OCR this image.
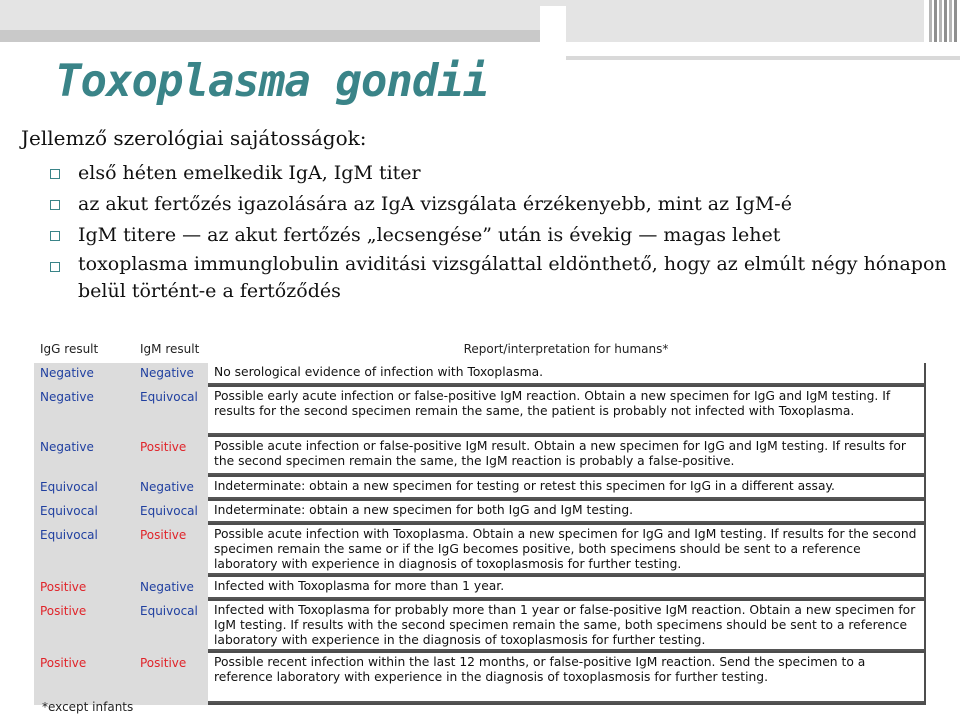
Toxoplasma gondii
Jellemző szerológiai sajátosságok:
első héten emelkedik IgA, IgM titer
az akut fertőzés igazolására az IgA vizsgálata érzékenyebb, mint az IgM-é
IgM titere — az akut fertőzés „lecsengése” után is évekig — magas lehet
toxoplasma immunglobulin aviditási vizsgálattal eldönthető, hogy az elmúlt négy hónapon belül történt-e a fertőződés
IgG result	IgM result	Report/interpretation for humans*
Negative	Negative	No serological evidence of infection with Toxoplasma.
Negative	Equivocal	Possible early acute infection or false-positive IgM reaction. Obtain a new specimen for IgG and IgM testing. If results for the second specimen remain the same, the patient is probably not infected with Toxoplasma.
Negative	Positive	Possible acute infection or false-positive IgM result. Obtain a new specimen for IgG and IgM testing. If results for the second specimen remain the same, the IgM reaction is probably a false-positive.
Equivocal	Negative	Indeterminate: obtain a new specimen for testing or retest this specimen for IgG in a different assay.
Equivocal	Equivocal	Indeterminate: obtain a new specimen for both IgG and IgM testing.
Equivocal	Positive	Possible acute infection with Toxoplasma. Obtain a new specimen for IgG and IgM testing. If results for the second specimen remain the same or if the IgG becomes positive, both specimens should be sent to a reference laboratory with experience in diagnosis of toxoplasmosis for further testing.
Positive	Negative	Infected with Toxoplasma for more than 1 year.
Positive	Equivocal	Infected with Toxoplasma for probably more than 1 year or false-positive IgM reaction. Obtain a new specimen for IgM testing. If results with the second specimen remain the same, both specimens should be sent to a reference laboratory with experience in the diagnosis of toxoplasmosis for further testing.
Positive	Positive	Possible recent infection within the last 12 months, or false-positive IgM reaction. Send the specimen to a reference laboratory with experience in the diagnosis of toxoplasmosis for further testing.
*except infants
